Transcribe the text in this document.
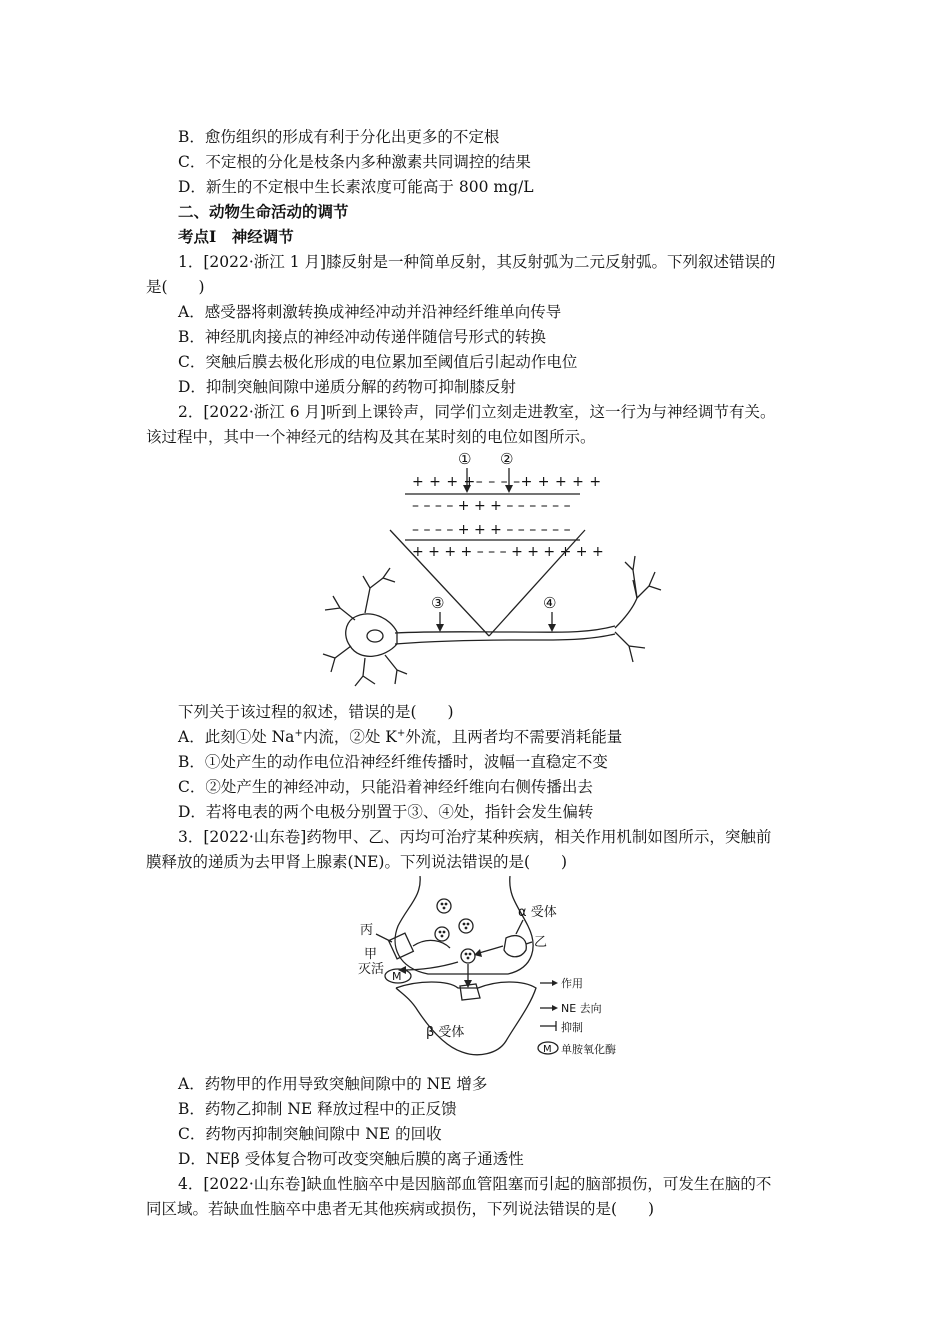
B．愈伤组织的形成有利于分化出更多的不定根
C．不定根的分化是枝条内多种激素共同调控的结果
D．新生的不定根中生长素浓度可能高于 800 mg/L
二、动物生命活动的调节
考点Ⅰ　神经调节
1．[2022·浙江 1 月]膝反射是一种简单反射，其反射弧为二元反射弧。下列叙述错误的
是(　　)
A．感受器将刺激转换成神经冲动并沿神经纤维单向传导
B．神经肌肉接点的神经冲动传递伴随信号形式的转换
C．突触后膜去极化形成的电位累加至阈值后引起动作电位
D．抑制突触间隙中递质分解的药物可抑制膝反射
2．[2022·浙江 6 月]听到上课铃声，同学们立刻走进教室，这一行为与神经调节有关。
该过程中，其中一个神经元的结构及其在某时刻的电位如图所示。
① ②
+ + + +– – – –+ + + + +
– – – – + + + – – – – – –
– – – – + + + – – – – – –
+ + + + – – – + + + + + +
③	④
下列关于该过程的叙述，错误的是(　　)
A．此刻①处 Na+内流，②处 K+外流，且两者均不需要消耗能量
B．①处产生的动作电位沿神经纤维传播时，波幅一直稳定不变
C．②处产生的神经冲动，只能沿着神经纤维向右侧传播出去
D．若将电表的两个电极分别置于③、④处，指针会发生偏转
3．[2022·山东卷]药物甲、乙、丙均可治疗某种疾病，相关作用机制如图所示，突触前
膜释放的递质为去甲肾上腺素(NE)。下列说法错误的是(　　)
M
丙
甲
灭活
α 受体
乙
β 受体
作用
NE 去向
抑制
M 单胺氧化酶
A．药物甲的作用导致突触间隙中的 NE 增多
B．药物乙抑制 NE 释放过程中的正反馈
C．药物丙抑制突触间隙中 NE 的回收
D．NEβ 受体复合物可改变突触后膜的离子通透性
4．[2022·山东卷]缺血性脑卒中是因脑部血管阻塞而引起的脑部损伤，可发生在脑的不
同区域。若缺血性脑卒中患者无其他疾病或损伤，下列说法错误的是(　　)
